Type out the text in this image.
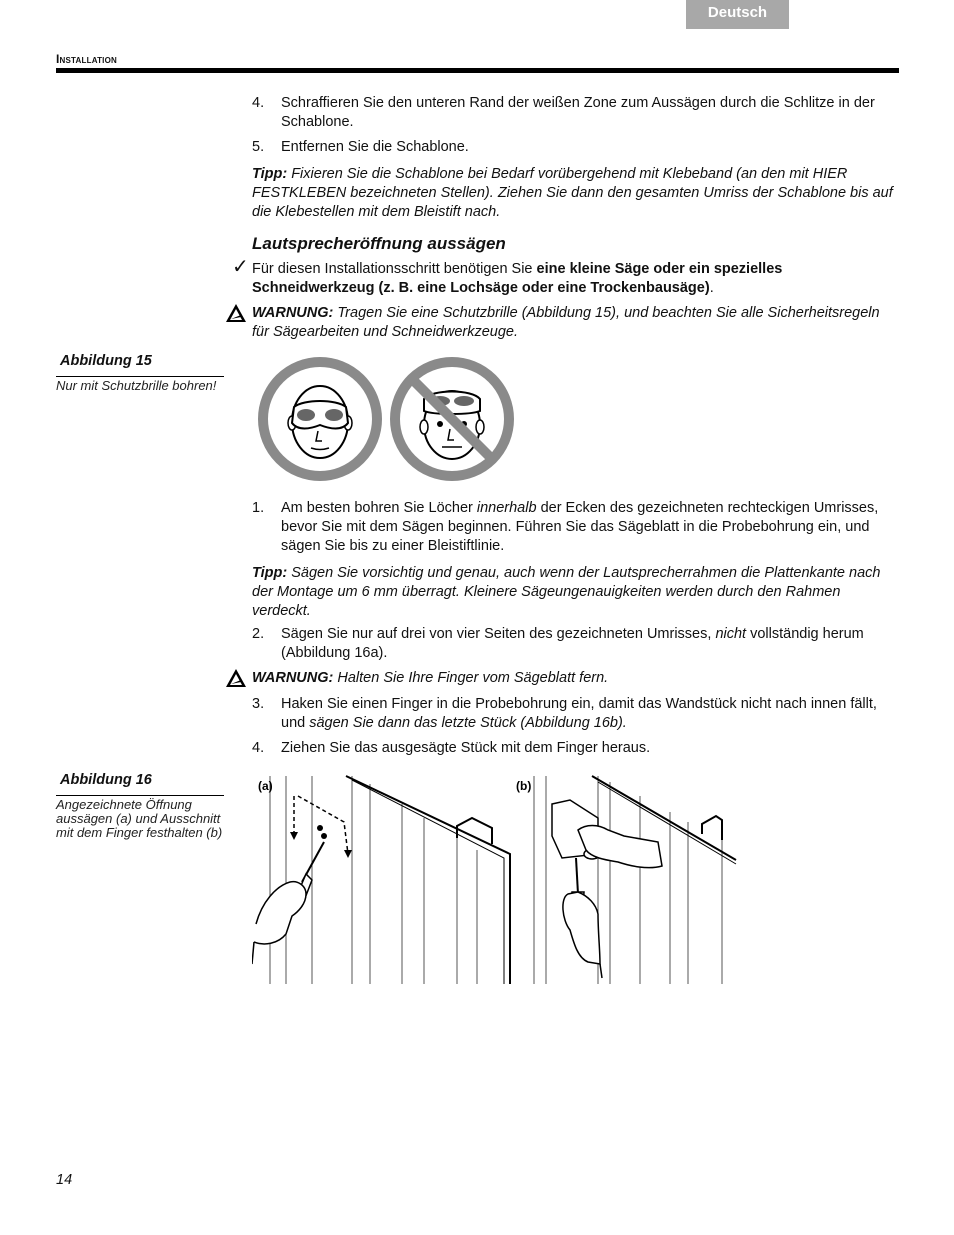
Deutsch
Installation
4. Schraffieren Sie den unteren Rand der weißen Zone zum Aussägen durch die Schlitze in der Schablone.
5. Entfernen Sie die Schablone.
Tipp: Fixieren Sie die Schablone bei Bedarf vorübergehend mit Klebeband (an den mit HIER FESTKLEBEN bezeichneten Stellen). Ziehen Sie dann den gesamten Umriss der Schablone bis auf die Klebestellen mit dem Bleistift nach.
Lautsprecheröffnung aussägen
✓ Für diesen Installationsschritt benötigen Sie eine kleine Säge oder ein spezielles Schneidwerkzeug (z. B. eine Lochsäge oder eine Trockenbausäge).
WARNUNG: Tragen Sie eine Schutzbrille (Abbildung 15), und beachten Sie alle Sicherheitsregeln für Sägearbeiten und Schneidwerkzeuge.
Abbildung 15
Nur mit Schutzbrille bohren!
1. Am besten bohren Sie Löcher innerhalb der Ecken des gezeichneten rechteckigen Umrisses, bevor Sie mit dem Sägen beginnen. Führen Sie das Sägeblatt in die Probebohrung ein, und sägen Sie bis zu einer Bleistiftlinie.
Tipp: Sägen Sie vorsichtig und genau, auch wenn der Lautsprecherrahmen die Plattenkante nach der Montage um 6 mm überragt. Kleinere Sägeungenauigkeiten werden durch den Rahmen verdeckt.
2. Sägen Sie nur auf drei von vier Seiten des gezeichneten Umrisses, nicht vollständig herum (Abbildung 16a).
WARNUNG: Halten Sie Ihre Finger vom Sägeblatt fern.
3. Haken Sie einen Finger in die Probebohrung ein, damit das Wandstück nicht nach innen fällt, und sägen Sie dann das letzte Stück (Abbildung 16b).
4. Ziehen Sie das ausgesägte Stück mit dem Finger heraus.
Abbildung 16
Angezeichnete Öffnung aussägen (a) und Ausschnitt mit dem Finger festhalten (b)
(a)	(b)
14
